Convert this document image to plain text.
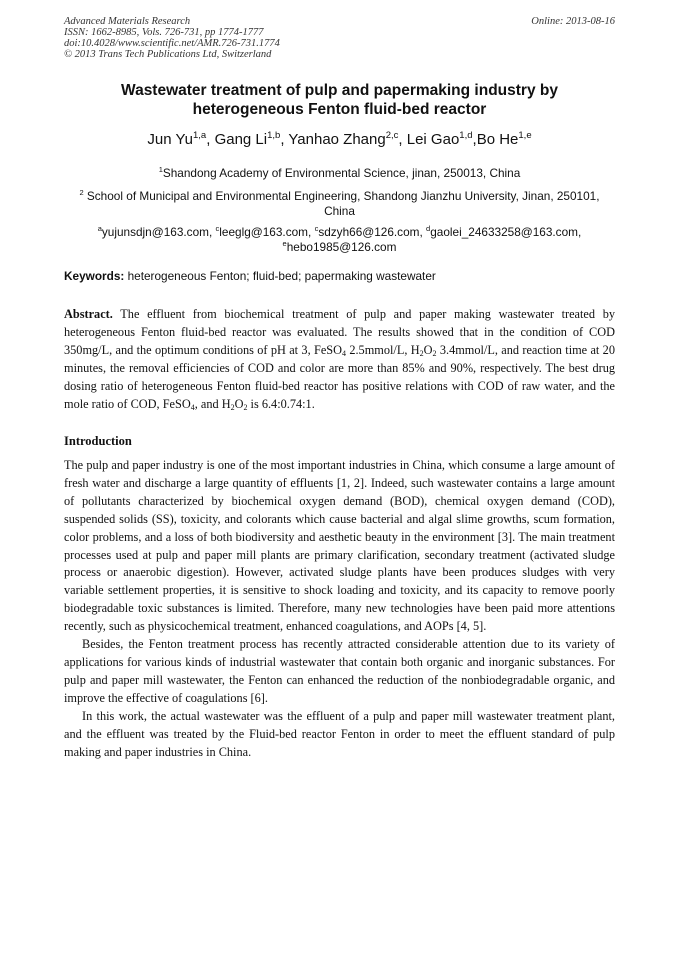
Advanced Materials Research
ISSN: 1662-8985, Vols. 726-731, pp 1774-1777
doi:10.4028/www.scientific.net/AMR.726-731.1774
© 2013 Trans Tech Publications Ltd, Switzerland
Online: 2013-08-16
Wastewater treatment of pulp and papermaking industry by
heterogeneous Fenton fluid-bed reactor
Jun Yu$^{1,a}$, Gang Li$^{1,b}$, Yanhao Zhang$^{2,c}$, Lei Gao$^{1,d}$,Bo He$^{1,e}$
$^1$Shandong Academy of Environmental Science, jinan, 250013, China
$^2$ School of Municipal and Environmental Engineering, Shandong Jianzhu University, Jinan, 250101, China
$^a$yujunsdjn@163.com, $^c$leeglg@163.com, $^c$sdzyh66@126.com, $^d$gaolei_24633258@163.com,
$^e$hebo1985@126.com
Keywords: heterogeneous Fenton; fluid-bed; papermaking wastewater
Abstract. The effluent from biochemical treatment of pulp and paper making wastewater treated by heterogeneous Fenton fluid-bed reactor was evaluated. The results showed that in the condition of COD 350mg/L, and the optimum conditions of pH at 3, FeSO$_4$ 2.5mmol/L, $H_2O_2$ 3.4mmol/L, and reaction time at 20 minutes, the removal efficiencies of COD and color are more than 85% and 90%, respectively. The best drug dosing ratio of heterogeneous Fenton fluid-bed reactor has positive relations with COD of raw water, and the mole ratio of COD, FeSO$_4$, and $H_2O_2$ is 6.4:0.74:1.
Introduction

The pulp and paper industry is one of the most important industries in China, which consume a large amount of fresh water and discharge a large quantity of effluents [1, 2]. Indeed, such wastewater contains a large amount of pollutants characterized by biochemical oxygen demand (BOD), chemical oxygen demand (COD), suspended solids (SS), toxicity, and colorants which cause bacterial and algal slime growths, scum formation, color problems, and a loss of both biodiversity and aesthetic beauty in the environment [3]. The main treatment processes used at pulp and paper mill plants are primary clarification, secondary treatment (activated sludge process or anaerobic digestion). However, activated sludge plants have been produces sludges with very variable settlement properties, it is sensitive to shock loading and toxicity, and its capacity to remove poorly biodegradable toxic substances is limited. Therefore, many new technologies have been paid more attentions recently, such as physicochemical treatment, enhanced coagulations, and AOPs [4, 5].

Besides, the Fenton treatment process has recently attracted considerable attention due to its variety of applications for various kinds of industrial wastewater that contain both organic and inorganic substances. For pulp and paper mill wastewater, the Fenton can enhanced the reduction of the nonbiodegradable organic, and improve the effective of coagulations [6].

In this work, the actual wastewater was the effluent of a pulp and paper mill wastewater treatment plant, and the effluent was treated by the Fluid-bed reactor Fenton in order to meet the effluent standard of pulp making and paper industries in China.
